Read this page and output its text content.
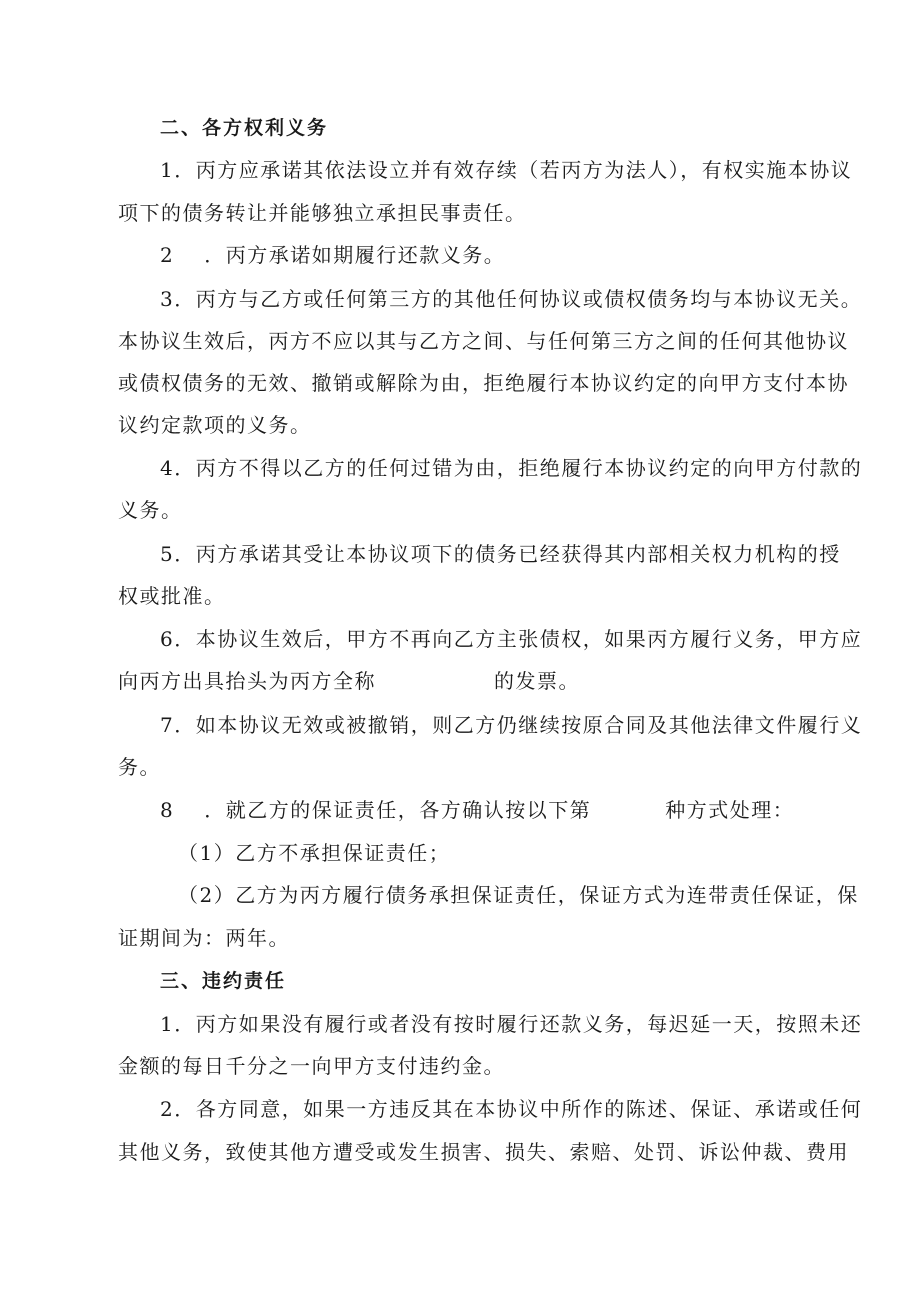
二、各方权利义务
1．丙方应承诺其依法设立并有效存续（若丙方为法人），有权实施本协议
项下的债务转让并能够独立承担民事责任。
2 ．丙方承诺如期履行还款义务。
3．丙方与乙方或任何第三方的其他任何协议或债权债务均与本协议无关。
本协议生效后，丙方不应以其与乙方之间、与任何第三方之间的任何其他协议
或债权债务的无效、撤销或解除为由，拒绝履行本协议约定的向甲方支付本协
议约定款项的义务。
4．丙方不得以乙方的任何过错为由，拒绝履行本协议约定的向甲方付款的
义务。
5．丙方承诺其受让本协议项下的债务已经获得其内部相关权力机构的授
权或批准。
6．本协议生效后，甲方不再向乙方主张债权，如果丙方履行义务，甲方应
向丙方出具抬头为丙方全称	的发票。
7．如本协议无效或被撤销，则乙方仍继续按原合同及其他法律文件履行义
务。
8 ．就乙方的保证责任，各方确认按以下第	种方式处理：
（1）乙方不承担保证责任；
（2）乙方为丙方履行债务承担保证责任，保证方式为连带责任保证，保
证期间为：两年。
三、违约责任
1．丙方如果没有履行或者没有按时履行还款义务，每迟延一天，按照未还
金额的每日千分之一向甲方支付违约金。
2．各方同意，如果一方违反其在本协议中所作的陈述、保证、承诺或任何
其他义务，致使其他方遭受或发生损害、损失、索赔、处罚、诉讼仲裁、费用
